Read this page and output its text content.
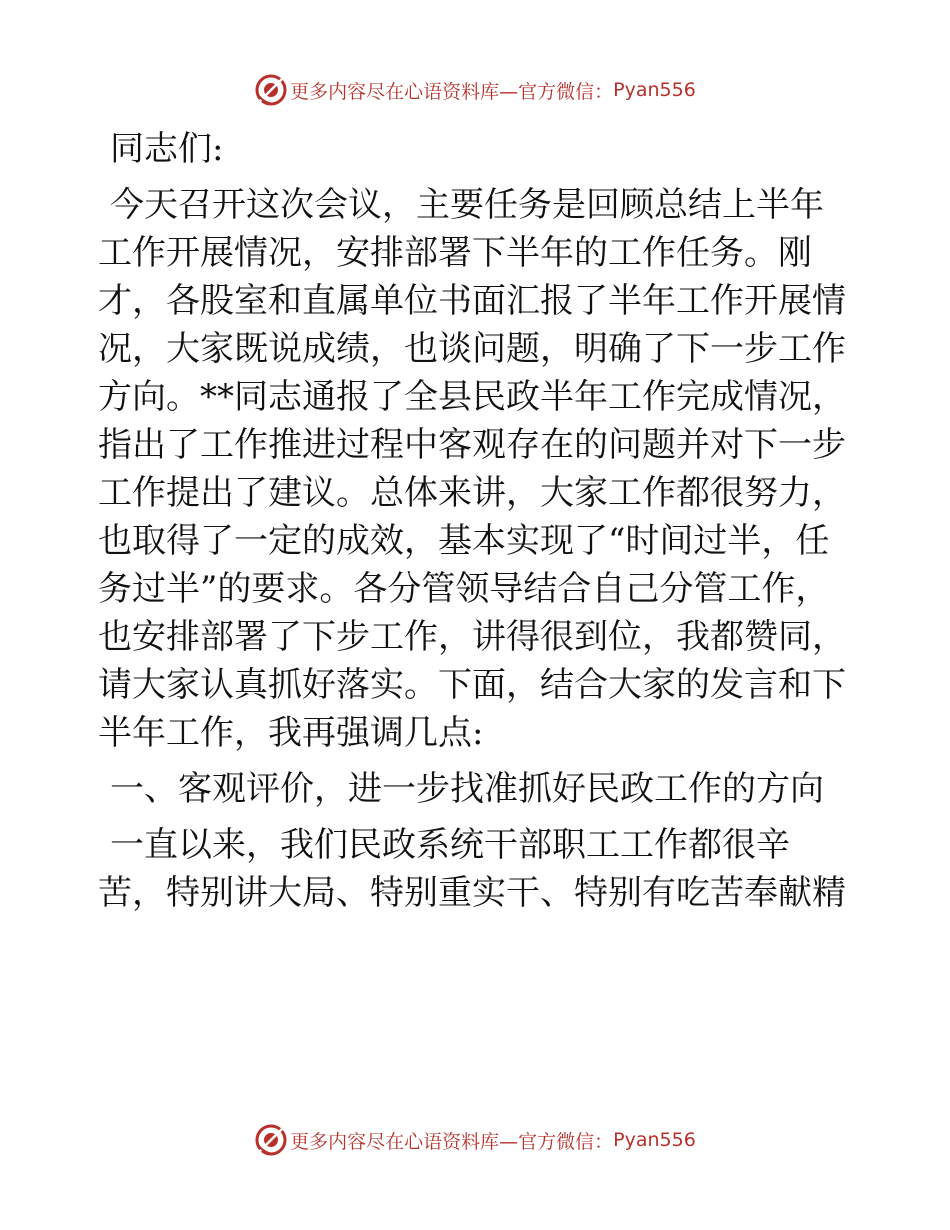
更多内容尽在心语资料库—官方微信： Pyan556
同志们:
今天召开这次会议，主要任务是回顾总结上半年
工作开展情况，安排部署下半年的工作任务。刚
才，各股室和直属单位书面汇报了半年工作开展情
况，大家既说成绩，也谈问题，明确了下一步工作
方向。**同志通报了全县民政半年工作完成情况，
指出了工作推进过程中客观存在的问题并对下一步
工作提出了建议。总体来讲，大家工作都很努力，
也取得了一定的成效，基本实现了“时间过半，任
务过半”的要求。各分管领导结合自己分管工作，
也安排部署了下步工作，讲得很到位，我都赞同，
请大家认真抓好落实。下面，结合大家的发言和下
半年工作，我再强调几点:
一、客观评价，进一步找准抓好民政工作的方向
一直以来，我们民政系统干部职工工作都很辛
苦，特别讲大局、特别重实干、特别有吃苦奉献精
更多内容尽在心语资料库—官方微信： Pyan556
